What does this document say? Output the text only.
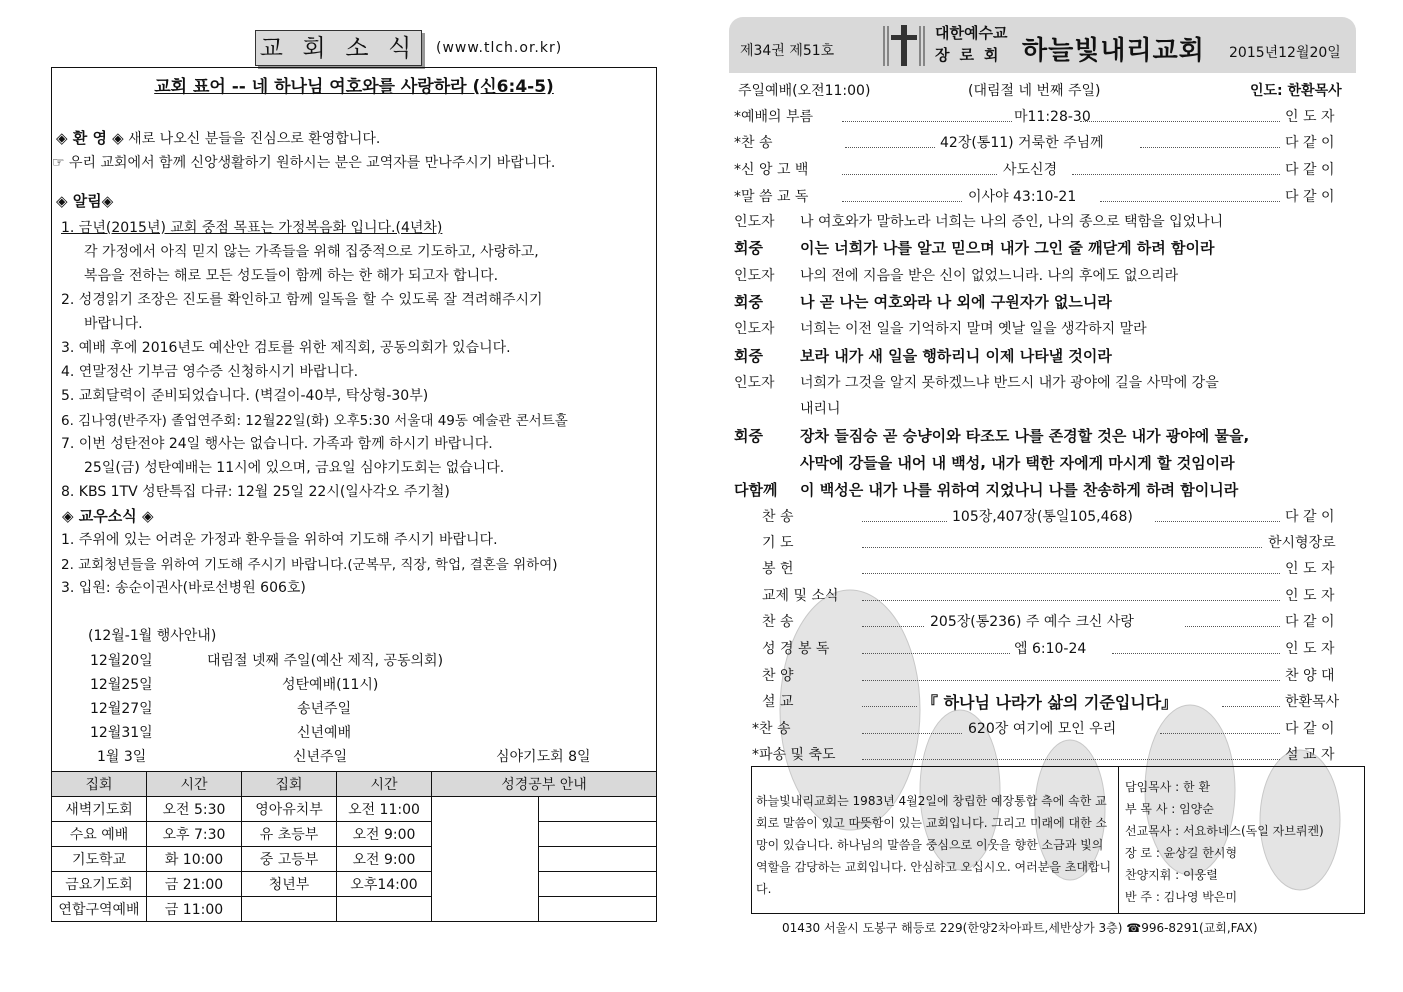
교 회 소 식	(www.tlch.or.kr)
교회 표어 -- 네 하나님 여호와를 사랑하라 (신6:4-5)
◈ 환 영 ◈ 새로 나오신 분들을 진심으로 환영합니다.
☞ 우리 교회에서 함께 신앙생활하기 원하시는 분은 교역자를 만나주시기 바랍니다.
◈ 알림◈
1. 금년(2015년) 교회 중점 목표는 가정복음화 입니다.(4년차)
각 가정에서 아직 믿지 않는 가족들을 위해 집중적으로 기도하고, 사랑하고,
복음을 전하는 해로 모든 성도들이 함께 하는 한 해가 되고자 합니다.
2. 성경읽기 조장은 진도를 확인하고 함께 일독을 할 수 있도록 잘 격려해주시기
바랍니다.
3. 예배 후에 2016년도 예산안 검토를 위한 제직회, 공동의회가 있습니다.
4. 연말정산 기부금 영수증 신청하시기 바랍니다.
5. 교회달력이 준비되었습니다. (벽걸이-40부, 탁상형-30부)
6. 김나영(반주자) 졸업연주회: 12월22일(화) 오후5:30 서울대 49동 예술관 콘서트홀
7. 이번 성탄전야 24일 행사는 없습니다. 가족과 함께 하시기 바랍니다.
25일(금) 성탄예배는 11시에 있으며, 금요일 심야기도회는 없습니다.
8. KBS 1TV 성탄특집 다큐: 12월 25일 22시(일사각오 주기철)
◈ 교우소식 ◈
1. 주위에 있는 어려운 가정과 환우들을 위하여 기도해 주시기 바랍니다.
2. 교회청년들을 위하여 기도해 주시기 바랍니다.(군복무, 직장, 학업, 결혼을 위하여)
3. 입원: 송순이권사(바로선병원 606호)
(12월-1월 행사안내)
12월20일	대림절 넷째 주일(예산 제직, 공동의회)
12월25일	성탄예배(11시)
12월27일	송년주일
12월31일	신년예배
1월 3일	신년주일	심야기도회 8일
집회	시간	집회	시간	성경공부 안내	
새벽기도회	오전 5:30	영아유치부	오전 11:00		
수요 예배	오후 7:30	유 초등부	오전 9:00		
기도학교	화 10:00	중 고등부	오전 9:00		
금요기도회	금 21:00	청년부	오후14:00		
연합구역예배	금 11:00				
제34권 제51호
대한예수교
장로회 하늘빛내리교회 2015년12월20일
주일예배(오전11:00)	(대림절 네 번째 주일)	인도: 한환목사
*예배의 부름	마11:28-30	인 도 자
*찬 송	42장(통11) 거룩한 주님께	다 같 이
*신 앙 고 백	사도신경	다 같 이
*말 씀 교 독	이사야 43:10-21	다 같 이
인도자 나 여호와가 말하노라 너희는 나의 증인, 나의 종으로 택함을 입었나니
회중 이는 너희가 나를 알고 믿으며 내가 그인 줄 깨닫게 하려 함이라
인도자 나의 전에 지음을 받은 신이 없었느니라. 나의 후에도 없으리라
회중 나 곧 나는 여호와라 나 외에 구원자가 없느니라
인도자 너희는 이전 일을 기억하지 말며 옛날 일을 생각하지 말라
회중 보라 내가 새 일을 행하리니 이제 나타낼 것이라
인도자 너희가 그것을 알지 못하겠느냐 반드시 내가 광야에 길을 사막에 강을
내리니
회중 장차 들짐승 곧 승냥이와 타조도 나를 존경할 것은 내가 광야에 물을,
사막에 강들을 내어 내 백성, 내가 택한 자에게 마시게 할 것임이라
다함께 이 백성은 내가 나를 위하여 지었나니 나를 찬송하게 하려 함이니라
찬 송	105장,407장(통일105,468)	다 같 이
기 도	한시형장로
봉 헌	인 도 자
교제 및 소식	인 도 자
찬 송	205장(통236) 주 예수 크신 사랑	다 같 이
성 경 봉 독	엡 6:10-24	인 도 자
찬 양	찬 양 대
설 교	『 하나님 나라가 삶의 기준입니다』	한환목사
*찬 송	620장 여기에 모인 우리	다 같 이
*파송 및 축도	설 교 자
하늘빛내리교회는 1983년 4월2일에 창립한 예장통합 측에 속한 교회로 말씀이 있고 따뜻함이 있는 교회입니다. 그리고 미래에 대한 소망이 있습니다. 하나님의 말씀을 중심으로 이웃을 향한 소금과 빛의 역할을 감당하는 교회입니다. 안심하고 오십시오. 여러분을 초대합니다.
담임목사 : 한 환
부 목 사 : 임양순
선교목사 : 서요하네스(독일 자브뤼켄)
장 로 : 윤상길 한시형
찬양지휘 : 이웅렬
반 주 : 김나영 박은미
01430 서울시 도봉구 해등로 229(한양2차아파트,세반상가 3층) ☎996-8291(교회,FAX)
